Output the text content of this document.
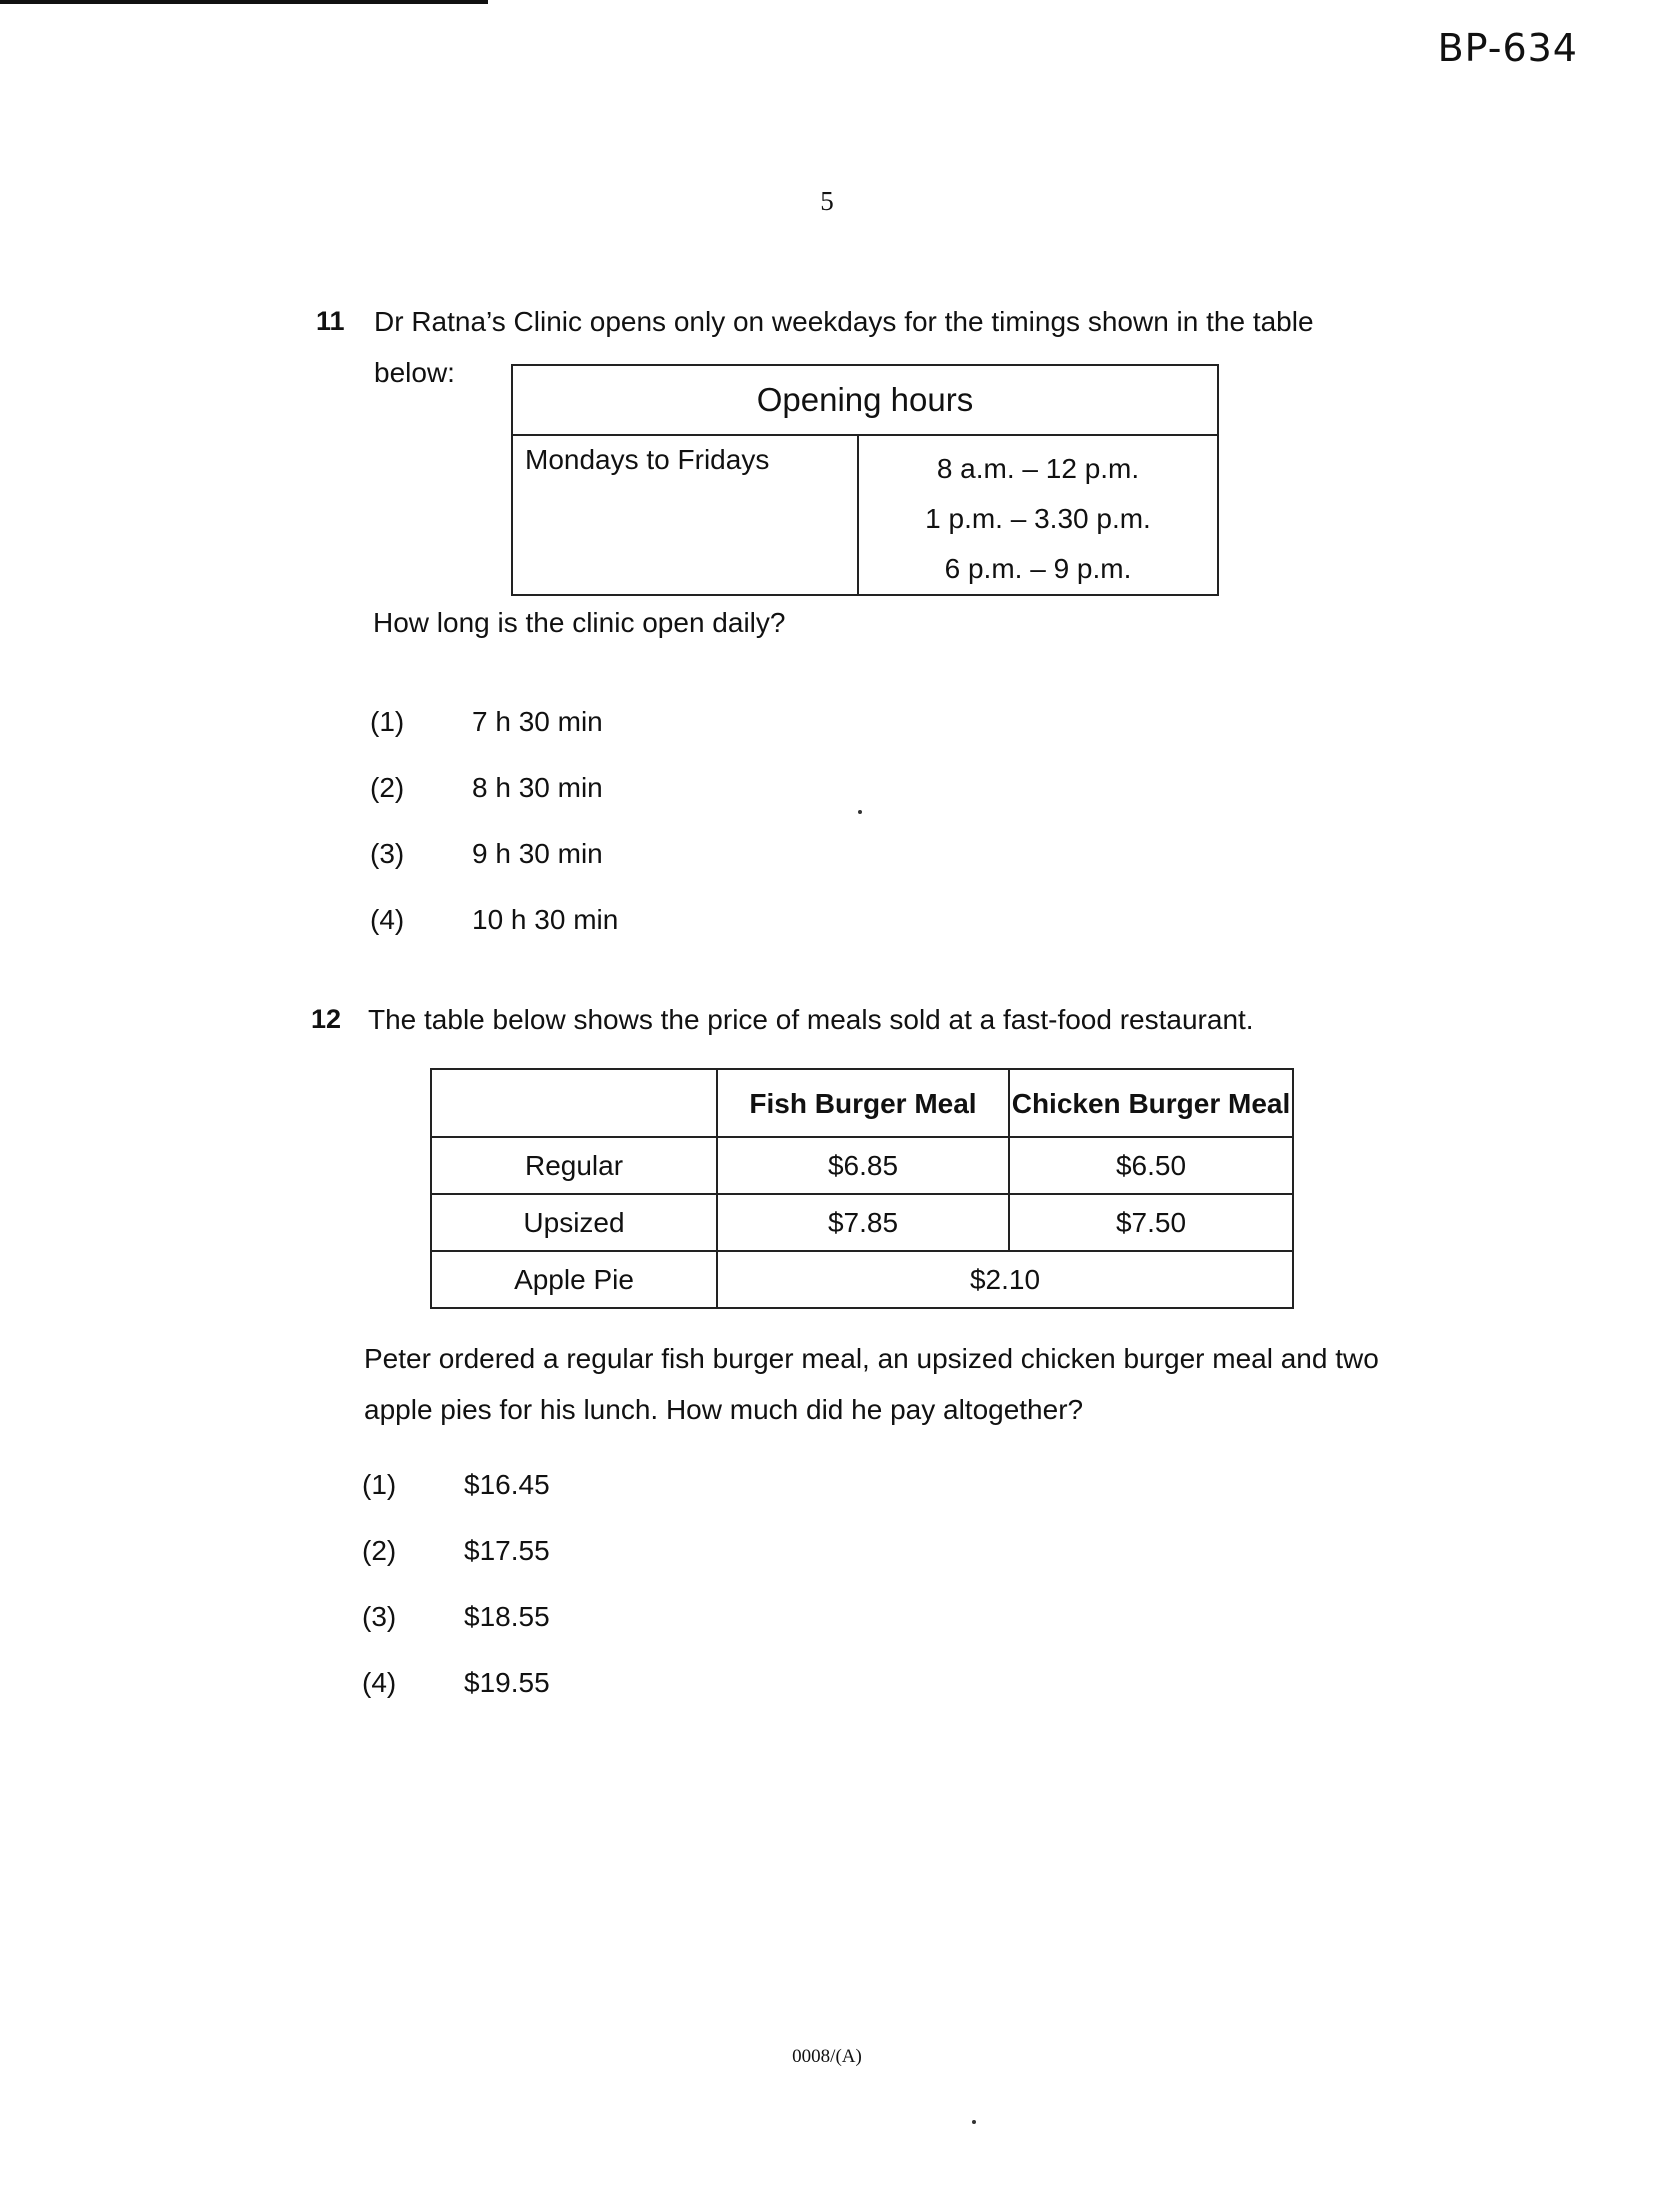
BP-634
5
11 Dr Ratna’s Clinic opens only on weekdays for the timings shown in the table
below:
Opening hours
Mondays to Fridays	8 a.m. – 12 p.m.
1 p.m. – 3.30 p.m.
6 p.m. – 9 p.m.
How long is the clinic open daily?
(1) 7 h 30 min
(2) 8 h 30 min
(3) 9 h 30 min
(4) 10 h 30 min
12 The table below shows the price of meals sold at a fast-food restaurant.
	Fish Burger Meal	Chicken Burger Meal
Regular	$6.85	$6.50
Upsized	$7.85	$7.50
Apple Pie	$2.10	
Peter ordered a regular fish burger meal, an upsized chicken burger meal and two
apple pies for his lunch. How much did he pay altogether?
(1) $16.45
(2) $17.55
(3) $18.55
(4) $19.55
0008/(A)
